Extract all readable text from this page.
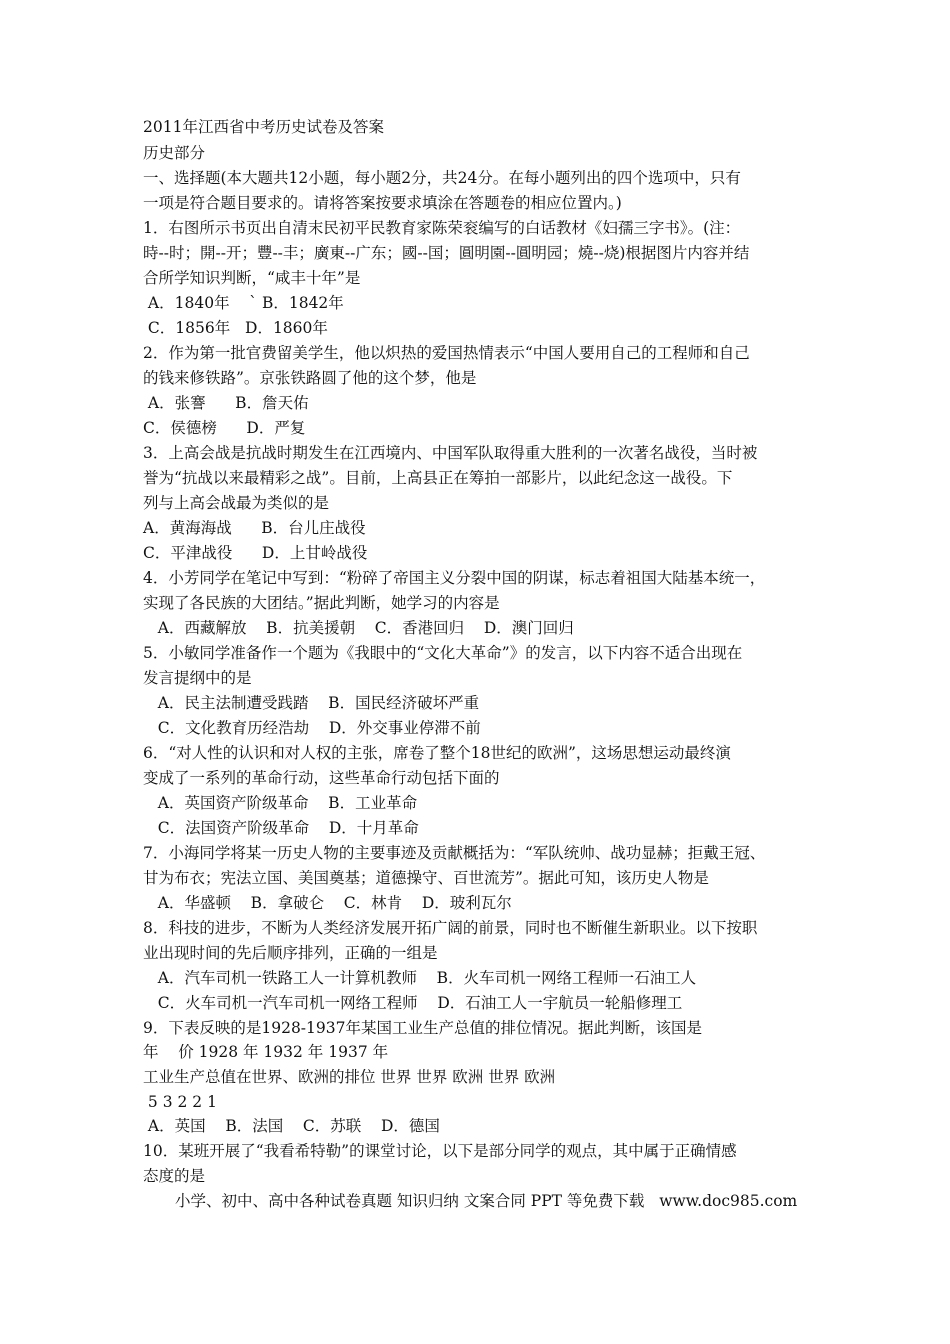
2011年江西省中考历史试卷及答案
历史部分
一、选择题(本大题共12小题，每小题2分，共24分。在每小题列出的四个选项中，只有
一项是符合题目要求的。请将答案按要求填涂在答题卷的相应位置内。)
1．右图所示书页出自清末民初平民教育家陈荣衮编写的白话教材《妇孺三字书》。(注：
時--时；開--开；豐--丰；廣東--广东；國--国；圓明園--圓明园；燒--烧)根据图片内容并结
合所学知识判断，“咸丰十年”是
A．1840年    ` B．1842年
C．1856年   D．1860年
2．作为第一批官费留美学生，他以炽热的爱国热情表示“中国人要用自己的工程师和自己
的钱来修铁路”。京张铁路圆了他的这个梦，他是
A．张謇      B．詹天佑
C．侯德榜      D．严复
3．上高会战是抗战时期发生在江西境内、中国军队取得重大胜利的一次著名战役，当时被
誉为“抗战以来最精彩之战”。目前，上高县正在筹拍一部影片，以此纪念这一战役。下
列与上高会战最为类似的是
A．黄海海战      B．台儿庄战役
C．平津战役      D．上甘岭战役
4．小芳同学在笔记中写到：“粉碎了帝国主义分裂中国的阴谋，标志着祖国大陆基本统一，
实现了各民族的大团结。”据此判断，她学习的内容是
A．西藏解放    B．抗美援朝    C．香港回归    D．澳门回归
5．小敏同学准备作一个题为《我眼中的“文化大革命”》的发言，以下内容不适合出现在
发言提纲中的是
A．民主法制遭受践踏    B．国民经济破坏严重
C．文化教育历经浩劫    D．外交事业停滞不前
6．“对人性的认识和对人权的主张，席卷了整个18世纪的欧洲”，这场思想运动最终演
变成了一系列的革命行动，这些革命行动包括下面的
A．英国资产阶级革命    B．工业革命
C．法国资产阶级革命    D．十月革命
7．小海同学将某一历史人物的主要事迹及贡献概括为：“军队统帅、战功显赫；拒戴王冠、
甘为布衣；宪法立国、美国奠基；道德操守、百世流芳”。据此可知，该历史人物是
A．华盛顿    B．拿破仑    C．林肯    D．玻利瓦尔
8．科技的进步，不断为人类经济发展开拓广阔的前景，同时也不断催生新职业。以下按职
业出现时间的先后顺序排列，正确的一组是
A．汽车司机一铁路工人一计算机教师    B．火车司机一网络工程师一石油工人
C．火车司机一汽车司机一网络工程师    D．石油工人一宇航员一轮船修理工
9．下表反映的是1928-1937年某国工业生产总值的排位情况。据此判断，该国是
年    价 1928 年 1932 年 1937 年
工业生产总值在世界、欧洲的排位 世界 世界 欧洲 世界 欧洲
5 3 2 2 1
A．英国    B．法国    C．苏联    D．德国
10．某班开展了“我看希特勒”的课堂讨论，以下是部分同学的观点，其中属于正确情感
态度的是
小学、初中、高中各种试卷真题 知识归纳 文案合同 PPT 等免费下载   www.doc985.com
